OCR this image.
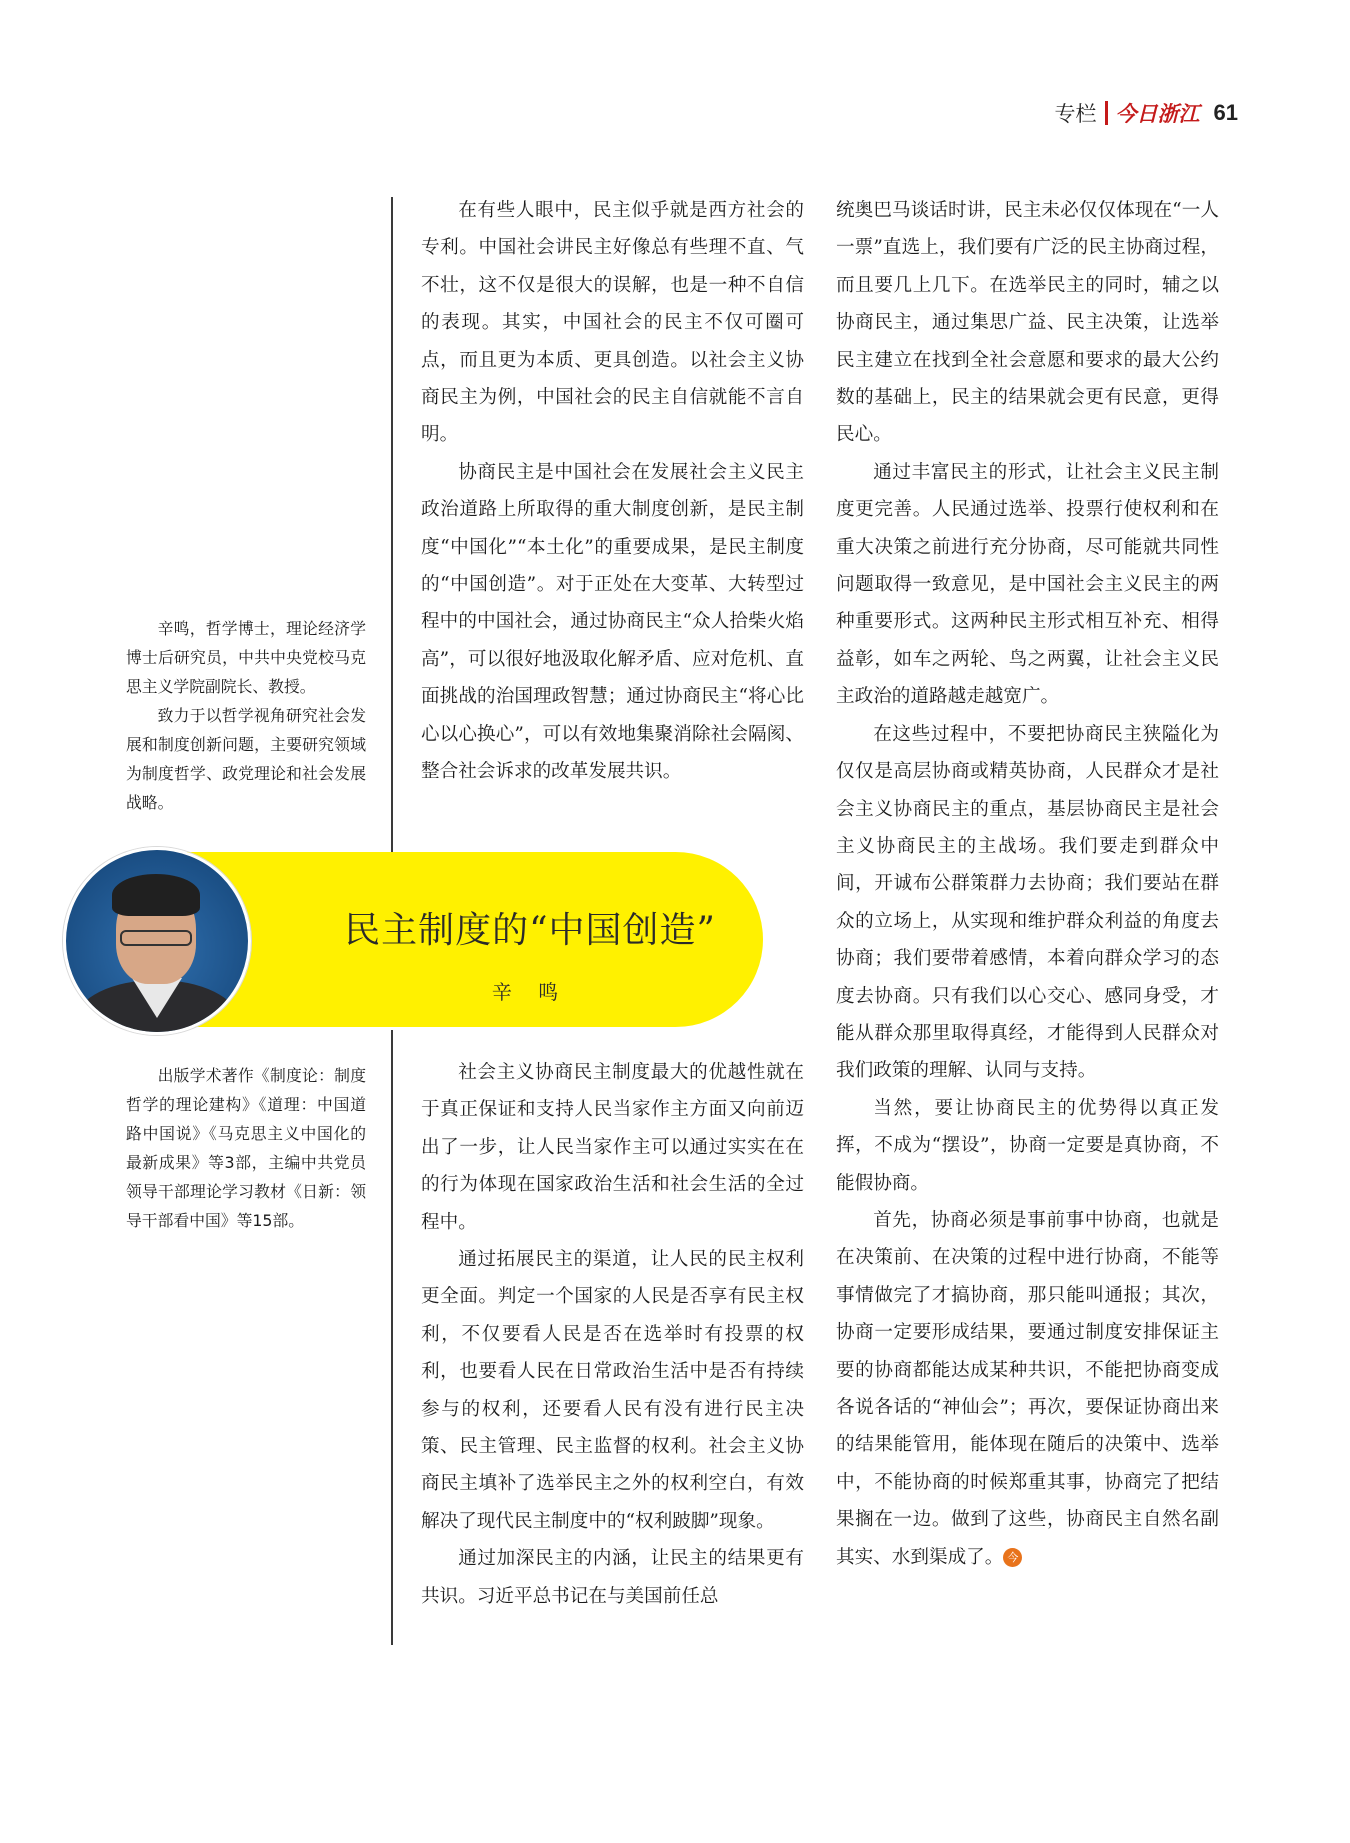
专栏 今日浙江 61

辛鸣，哲学博士，理论经济学博士后研究员，中共中央党校马克思主义学院副院长、教授。

致力于以哲学视角研究社会发展和制度创新问题，主要研究领域为制度哲学、政党理论和社会发展战略。

民主制度的“中国创造”
辛 鸣

出版学术著作《制度论：制度哲学的理论建构》《道理：中国道路中国说》《马克思主义中国化的最新成果》等3部，主编中共党员领导干部理论学习教材《日新：领导干部看中国》等15部。

在有些人眼中，民主似乎就是西方社会的专利。中国社会讲民主好像总有些理不直、气不壮，这不仅是很大的误解，也是一种不自信的表现。其实，中国社会的民主不仅可圈可点，而且更为本质、更具创造。以社会主义协商民主为例，中国社会的民主自信就能不言自明。

协商民主是中国社会在发展社会主义民主政治道路上所取得的重大制度创新，是民主制度“中国化”“本土化”的重要成果，是民主制度的“中国创造”。对于正处在大变革、大转型过程中的中国社会，通过协商民主“众人拾柴火焰高”，可以很好地汲取化解矛盾、应对危机、直面挑战的治国理政智慧；通过协商民主“将心比心以心换心”，可以有效地集聚消除社会隔阂、整合社会诉求的改革发展共识。

社会主义协商民主制度最大的优越性就在于真正保证和支持人民当家作主方面又向前迈出了一步，让人民当家作主可以通过实实在在的行为体现在国家政治生活和社会生活的全过程中。

通过拓展民主的渠道，让人民的民主权利更全面。判定一个国家的人民是否享有民主权利，不仅要看人民是否在选举时有投票的权利，也要看人民在日常政治生活中是否有持续参与的权利，还要看人民有没有进行民主决策、民主管理、民主监督的权利。社会主义协商民主填补了选举民主之外的权利空白，有效解决了现代民主制度中的“权利跛脚”现象。

通过加深民主的内涵，让民主的结果更有共识。习近平总书记在与美国前任总

统奥巴马谈话时讲，民主未必仅仅体现在“一人一票”直选上，我们要有广泛的民主协商过程，而且要几上几下。在选举民主的同时，辅之以协商民主，通过集思广益、民主决策，让选举民主建立在找到全社会意愿和要求的最大公约数的基础上，民主的结果就会更有民意，更得民心。

通过丰富民主的形式，让社会主义民主制度更完善。人民通过选举、投票行使权利和在重大决策之前进行充分协商，尽可能就共同性问题取得一致意见，是中国社会主义民主的两种重要形式。这两种民主形式相互补充、相得益彰，如车之两轮、鸟之两翼，让社会主义民主政治的道路越走越宽广。

在这些过程中，不要把协商民主狭隘化为仅仅是高层协商或精英协商，人民群众才是社会主义协商民主的重点，基层协商民主是社会主义协商民主的主战场。我们要走到群众中间，开诚布公群策群力去协商；我们要站在群众的立场上，从实现和维护群众利益的角度去协商；我们要带着感情，本着向群众学习的态度去协商。只有我们以心交心、感同身受，才能从群众那里取得真经，才能得到人民群众对我们政策的理解、认同与支持。

当然，要让协商民主的优势得以真正发挥，不成为“摆设”，协商一定要是真协商，不能假协商。

首先，协商必须是事前事中协商，也就是在决策前、在决策的过程中进行协商，不能等事情做完了才搞协商，那只能叫通报；其次，协商一定要形成结果，要通过制度安排保证主要的协商都能达成某种共识，不能把协商变成各说各话的“神仙会”；再次，要保证协商出来的结果能管用，能体现在随后的决策中、选举中，不能协商的时候郑重其事，协商完了把结果搁在一边。做到了这些，协商民主自然名副其实、水到渠成了。 今
